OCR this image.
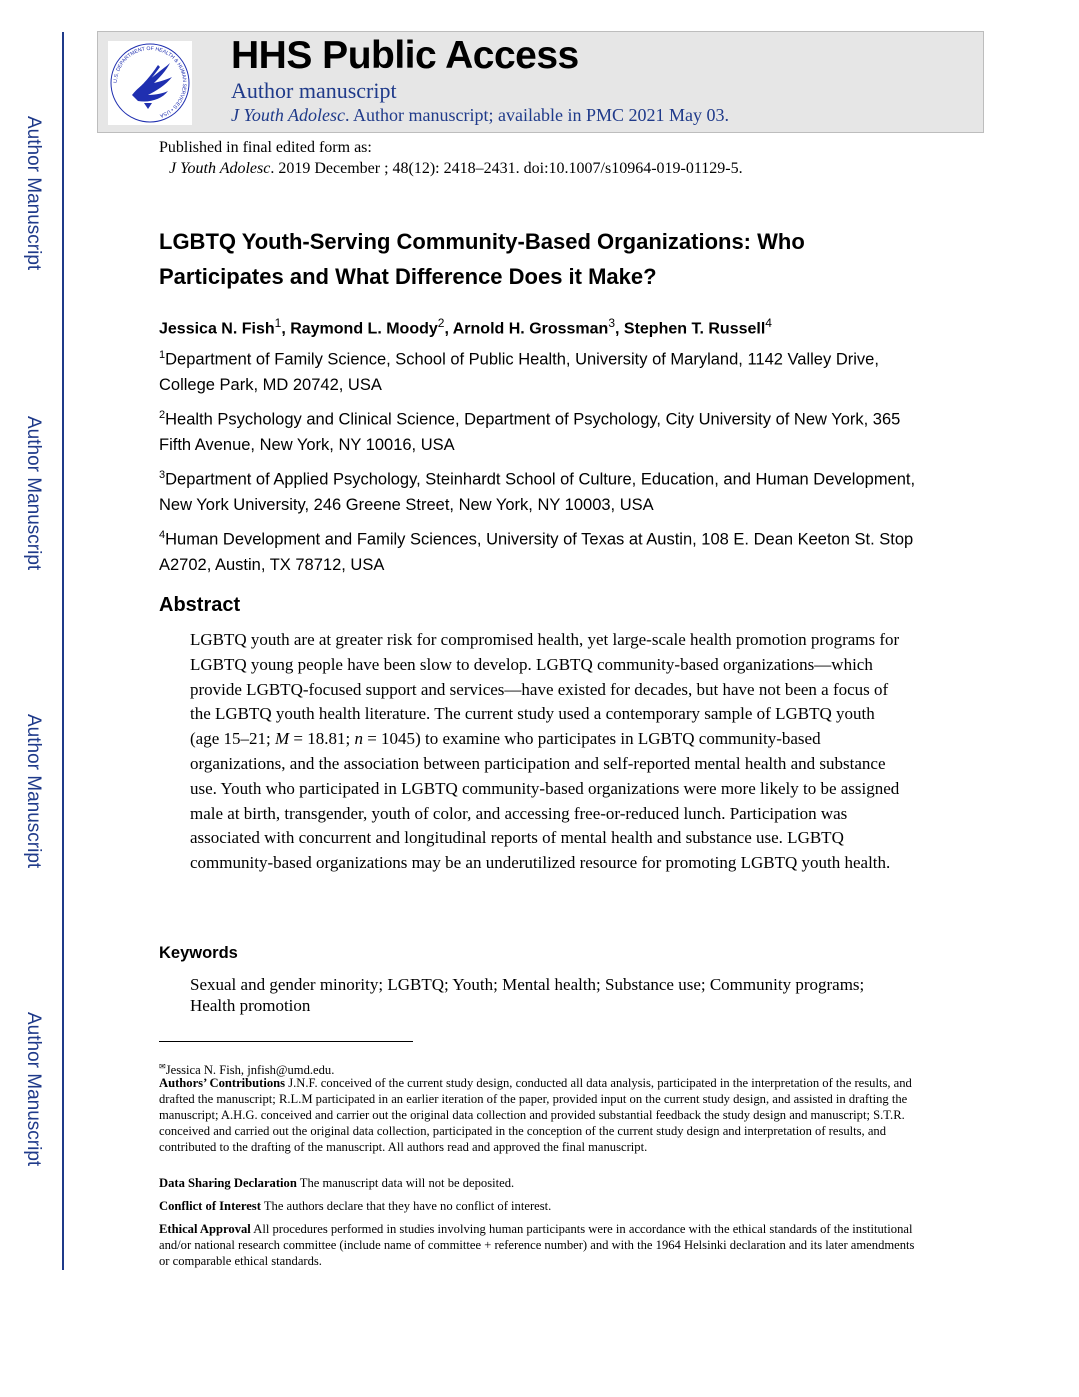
Author Manuscript
Author Manuscript
Author Manuscript
Author Manuscript
U.S. DEPARTMENT OF HEALTH & HUMAN SERVICES • USA
HHS Public Access
Author manuscript
J Youth Adolesc. Author manuscript; available in PMC 2021 May 03.
Published in final edited form as:
J Youth Adolesc. 2019 December ; 48(12): 2418–2431. doi:10.1007/s10964-019-01129-5.
LGBTQ Youth-Serving Community-Based Organizations: Who Participates and What Difference Does it Make?
Jessica N. Fish$^1$, Raymond L. Moody$^2$, Arnold H. Grossman$^3$, Stephen T. Russell$^4$
$^1$Department of Family Science, School of Public Health, University of Maryland, 1142 Valley Drive, College Park, MD 20742, USA
$^2$Health Psychology and Clinical Science, Department of Psychology, City University of New York, 365 Fifth Avenue, New York, NY 10016, USA
$^3$Department of Applied Psychology, Steinhardt School of Culture, Education, and Human Development, New York University, 246 Greene Street, New York, NY 10003, USA
$^4$Human Development and Family Sciences, University of Texas at Austin, 108 E. Dean Keeton St. Stop A2702, Austin, TX 78712, USA
Abstract
LGBTQ youth are at greater risk for compromised health, yet large-scale health promotion programs for LGBTQ young people have been slow to develop. LGBTQ community-based organizations—which provide LGBTQ-focused support and services—have existed for decades, but have not been a focus of the LGBTQ youth health literature. The current study used a contemporary sample of LGBTQ youth (age 15–21; M = 18.81; n = 1045) to examine who participates in LGBTQ community-based organizations, and the association between participation and self-reported mental health and substance use. Youth who participated in LGBTQ community-based organizations were more likely to be assigned male at birth, transgender, youth of color, and accessing free-or-reduced lunch. Participation was associated with concurrent and longitudinal reports of mental health and substance use. LGBTQ community-based organizations may be an underutilized resource for promoting LGBTQ youth health.
Keywords
Sexual and gender minority; LGBTQ; Youth; Mental health; Substance use; Community programs; Health promotion
✉Jessica N. Fish, jnfish@umd.edu.
Authors’ Contributions J.N.F. conceived of the current study design, conducted all data analysis, participated in the interpretation of the results, and drafted the manuscript; R.L.M participated in an earlier iteration of the paper, provided input on the current study design, and assisted in drafting the manuscript; A.H.G. conceived and carrier out the original data collection and provided substantial feedback the study design and manuscript; S.T.R. conceived and carried out the original data collection, participated in the conception of the current study design and interpretation of results, and contributed to the drafting of the manuscript. All authors read and approved the final manuscript.
Data Sharing Declaration The manuscript data will not be deposited.
Conflict of Interest The authors declare that they have no conflict of interest.
Ethical Approval All procedures performed in studies involving human participants were in accordance with the ethical standards of the institutional and/or national research committee (include name of committee + reference number) and with the 1964 Helsinki declaration and its later amendments or comparable ethical standards.
